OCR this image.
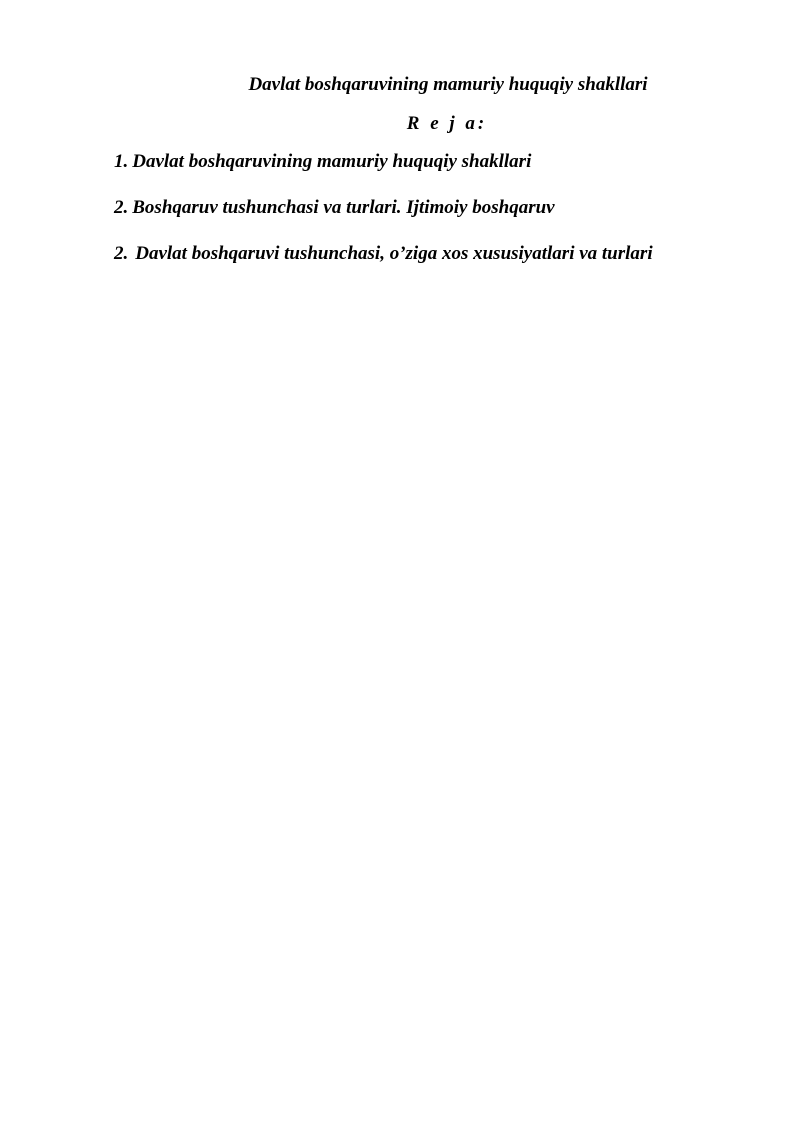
Davlat boshqaruvining mamuriy huquqiy shakllari
R e j a:
1. Davlat boshqaruvining mamuriy huquqiy shakllari
2. Boshqaruv tushunchasi va turlari. Ijtimoiy boshqaruv
2. Davlat boshqaruvi tushunchasi, o’ziga xos xususiyatlari va turlari
